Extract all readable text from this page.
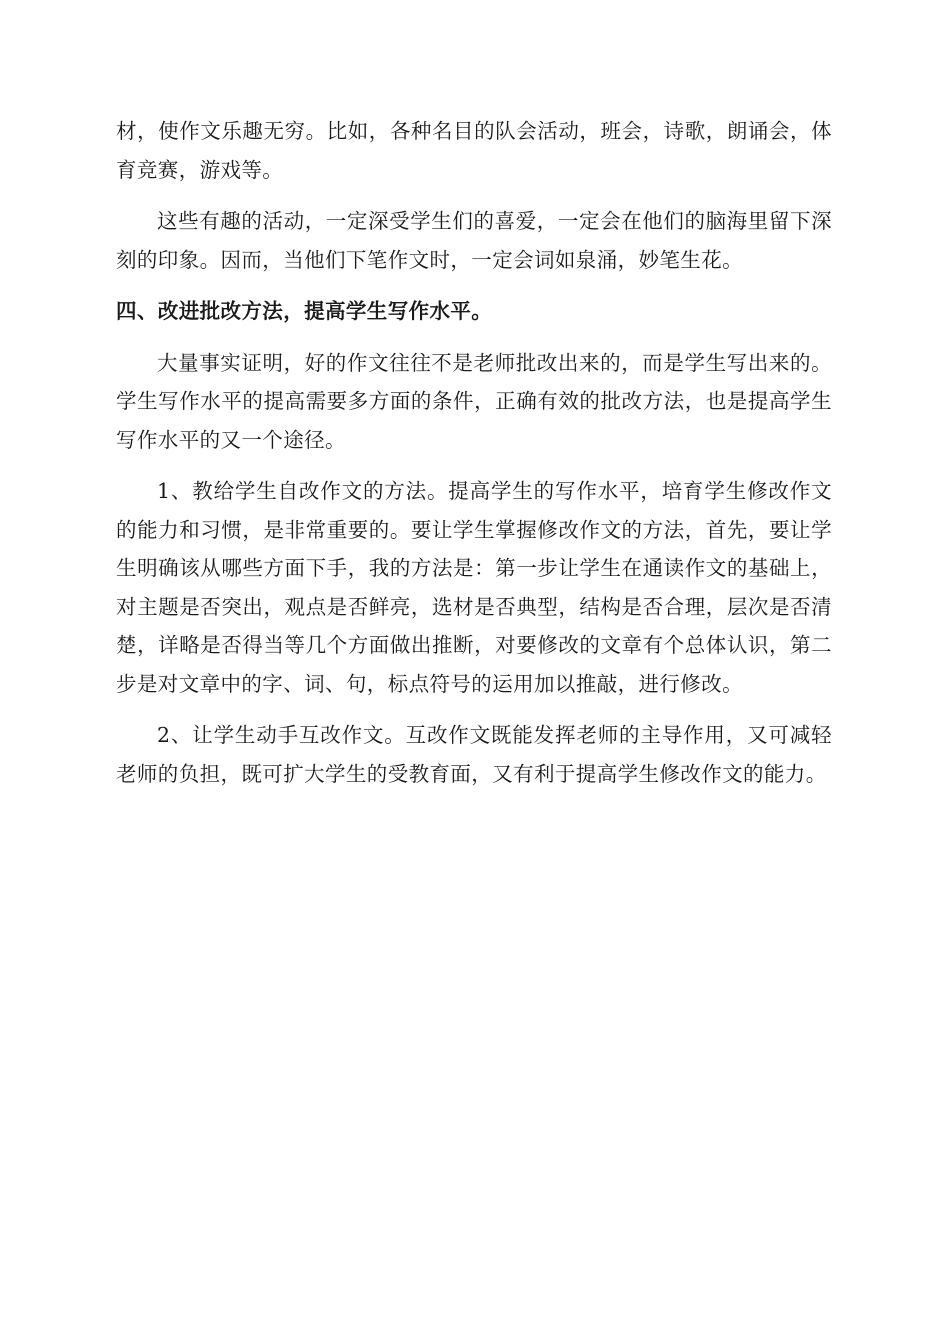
材，使作文乐趣无穷。比如，各种名目的队会活动，班会，诗歌，朗诵会，体育竞赛，游戏等。

这些有趣的活动，一定深受学生们的喜爱，一定会在他们的脑海里留下深刻的印象。因而，当他们下笔作文时，一定会词如泉涌，妙笔生花。

四、改进批改方法，提高学生写作水平。

大量事实证明，好的作文往往不是老师批改出来的，而是学生写出来的。学生写作水平的提高需要多方面的条件，正确有效的批改方法，也是提高学生写作水平的又一个途径。

1、教给学生自改作文的方法。提高学生的写作水平，培育学生修改作文的能力和习惯，是非常重要的。要让学生掌握修改作文的方法，首先，要让学生明确该从哪些方面下手，我的方法是：第一步让学生在通读作文的基础上，对主题是否突出，观点是否鲜亮，选材是否典型，结构是否合理，层次是否清楚，详略是否得当等几个方面做出推断，对要修改的文章有个总体认识，第二步是对文章中的字、词、句，标点符号的运用加以推敲，进行修改。

2、让学生动手互改作文。互改作文既能发挥老师的主导作用，又可减轻老师的负担，既可扩大学生的受教育面，又有利于提高学生修改作文的能力。
